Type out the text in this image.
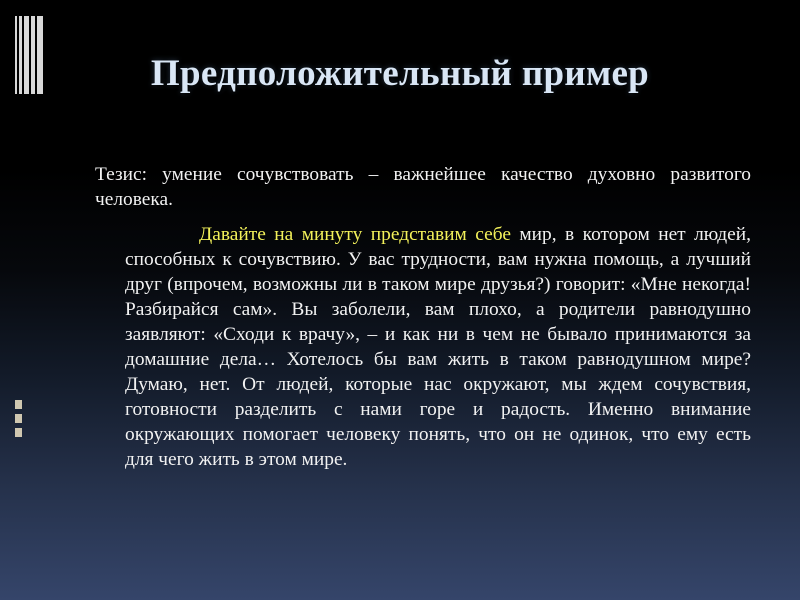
Предположительный пример

Тезис: умение сочувствовать – важнейшее качество духовно развитого человека.

Давайте на минуту представим себе мир, в котором нет людей, способных к сочувствию. У вас трудности, вам нужна помощь, а лучший друг (впрочем, возможны ли в таком мире друзья?) говорит: «Мне некогда! Разбирайся сам». Вы заболели, вам плохо, а родители равнодушно заявляют: «Сходи к врачу», – и как ни в чем не бывало принимаются за домашние дела… Хотелось бы вам жить в таком равнодушном мире? Думаю, нет. От людей, которые нас окружают, мы ждем сочувствия, готовности разделить с нами горе и радость. Именно внимание окружающих помогает человеку понять, что он не одинок, что ему есть для чего жить в этом мире.
